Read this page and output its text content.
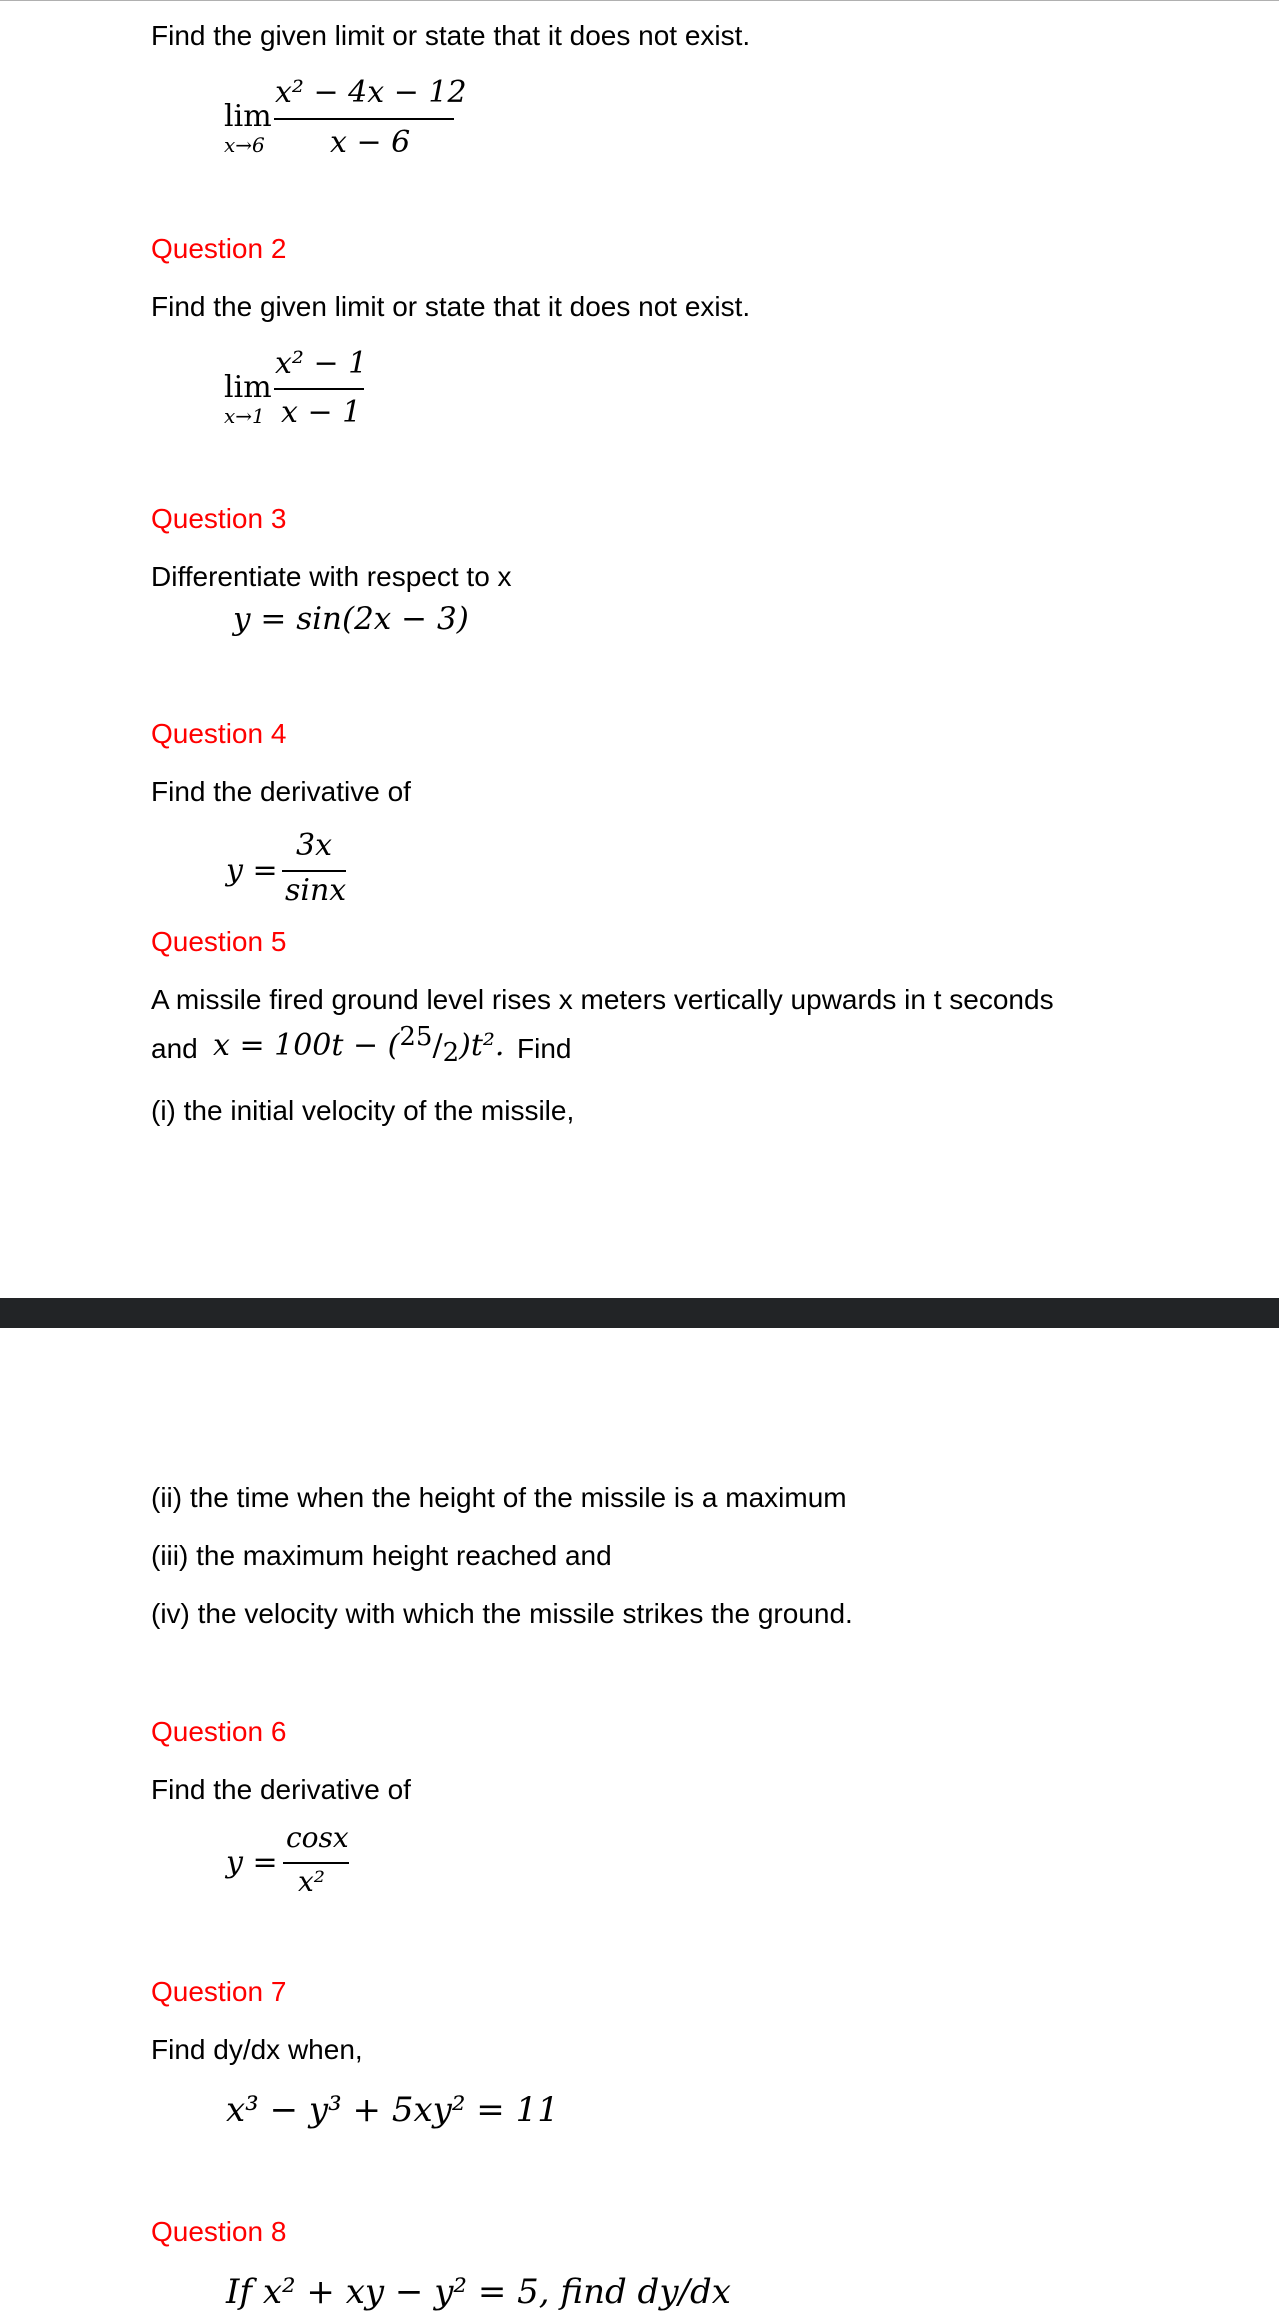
Find the given limit or state that it does not exist.
lim
x→6
x² − 4x − 12
x − 6
Question 2
Find the given limit or state that it does not exist.
lim
x→1
x² − 1
x − 1
Question 3
Differentiate with respect to x
y = sin(2x − 3)
Question 4
Find the derivative of
y =
3x
sinx
Question 5
A missile fired ground level rises x meters vertically upwards in t seconds
and x = 100t − (25/2)t². Find
(i) the initial velocity of the missile,
(ii) the time when the height of the missile is a maximum
(iii) the maximum height reached and
(iv) the velocity with which the missile strikes the ground.
Question 6
Find the derivative of
y =
cosx
x²
Question 7
Find dy/dx when,
x³ − y³ + 5xy² = 11
Question 8
If x² + xy − y² = 5, find dy/dx
